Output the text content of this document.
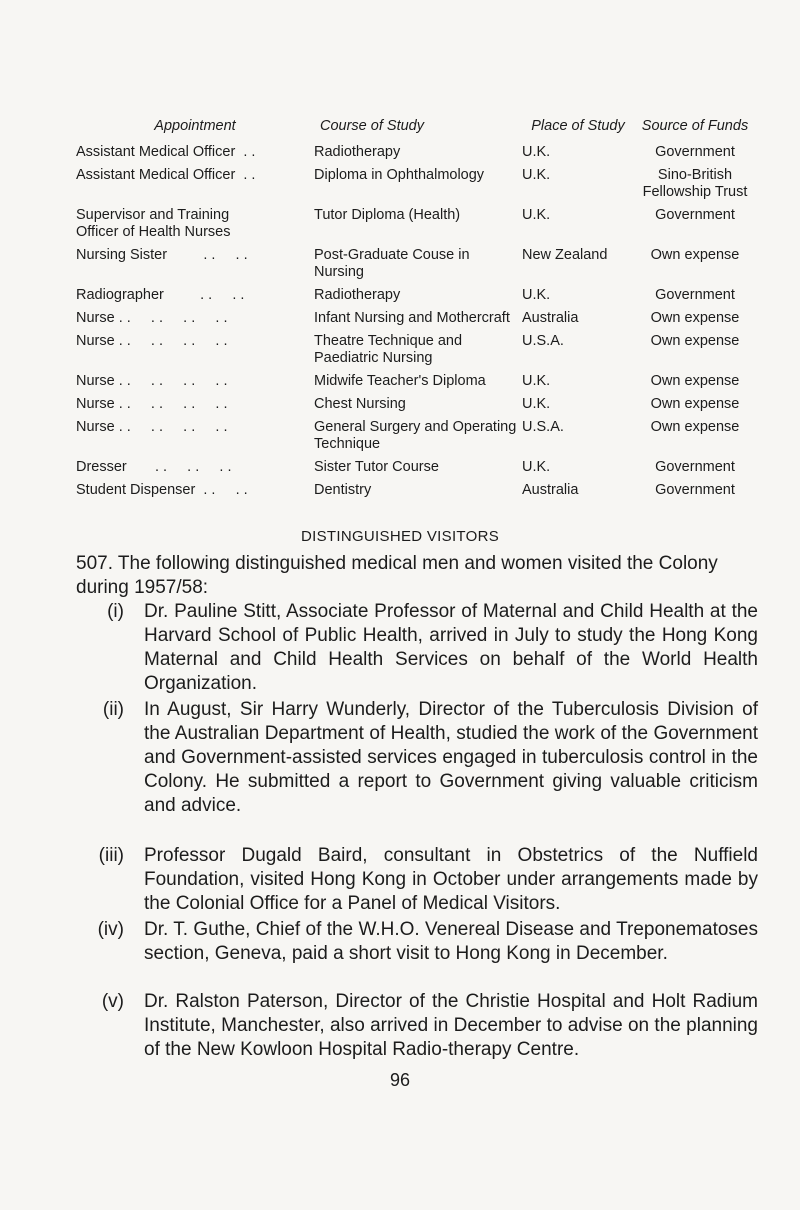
Appointment	Course of Study	Place of Study	Source of Funds
Assistant Medical Officer  . .	Radiotherapy	U.K.	Government
Assistant Medical Officer  . .	Diploma in Ophthalmology	U.K.	Sino-British Fellowship Trust
Supervisor and Training
Officer of Health Nurses	Tutor Diploma (Health)	U.K.	Government
Nursing Sister         . .     . .	Post-Graduate Couse in Nursing	New Zealand	Own expense
Radiographer         . .     . .	Radiotherapy	U.K.	Government
Nurse . .     . .     . .     . .	Infant Nursing and Mothercraft	Australia	Own expense
Nurse . .     . .     . .     . .	Theatre Technique and Paediatric Nursing	U.S.A.	Own expense
Nurse . .     . .     . .     . .	Midwife Teacher's Diploma	U.K.	Own expense
Nurse . .     . .     . .     . .	Chest Nursing	U.K.	Own expense
Nurse . .     . .     . .     . .	General Surgery and Operating Technique	U.S.A.	Own expense
Dresser       . .     . .     . .	Sister Tutor Course	U.K.	Government
Student Dispenser  . .     . .	Dentistry	Australia	Government
DISTINGUISHED VISITORS
507. The following distinguished medical men and women visited the Colony during 1957/58:
(i) Dr. Pauline Stitt, Associate Professor of Maternal and Child Health at the Harvard School of Public Health, arrived in July to study the Hong Kong Maternal and Child Health Services on behalf of the World Health Organization.
(ii) In August, Sir Harry Wunderly, Director of the Tuberculosis Division of the Australian Department of Health, studied the work of the Government and Government-assisted services engaged in tuberculosis control in the Colony. He submitted a report to Government giving valuable criticism and advice.
(iii) Professor Dugald Baird, consultant in Obstetrics of the Nuffield Foundation, visited Hong Kong in October under arrangements made by the Colonial Office for a Panel of Medical Visitors.
(iv) Dr. T. Guthe, Chief of the W.H.O. Venereal Disease and Treponematoses section, Geneva, paid a short visit to Hong Kong in December.
(v) Dr. Ralston Paterson, Director of the Christie Hospital and Holt Radium Institute, Manchester, also arrived in December to advise on the planning of the New Kowloon Hospital Radio-therapy Centre.
96
